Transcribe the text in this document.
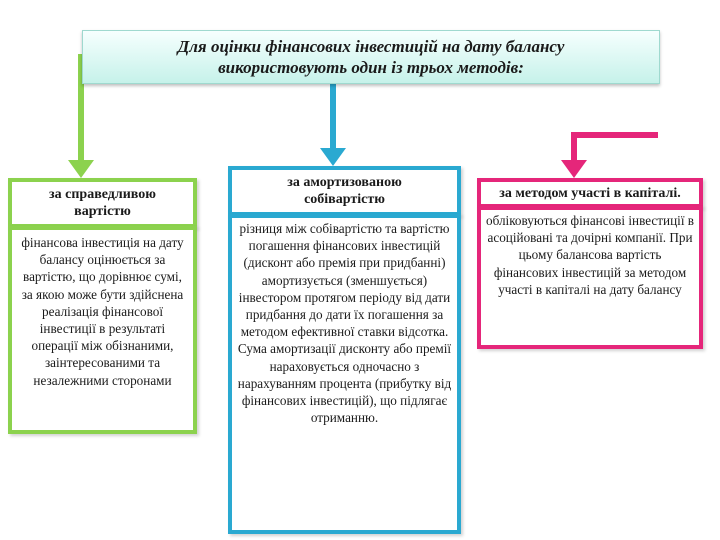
Для оцінки фінансових інвестицій на дату балансу
використовують один із трьох методів:
за справедливою
вартістю
фінансова інвестиція на дату балансу оцінюється за вартістю, що дорівнює сумі, за якою може бути здійснена реалізація фінансової інвестиції в результаті операції між обізнаними, заінтересованими та незалежними сторонами
за амортизованою
собівартістю
різниця між собівартістю та вартістю погашення фінансових інвестицій (дисконт або премія при придбанні) амортизується (зменшується) інвестором протягом періоду від дати придбання до дати їх погашення за методом ефективної ставки відсотка. Сума амортизації дисконту або премії нараховується одночасно з нарахуванням процента (прибутку від фінансових інвестицій), що підлягає отриманню.
за методом участі в капіталі.
обліковуються фінансові інвестиції в асоційовані та дочірні компанії. При цьому балансова вартість фінансових інвестицій за методом участі в капіталі на дату балансу
